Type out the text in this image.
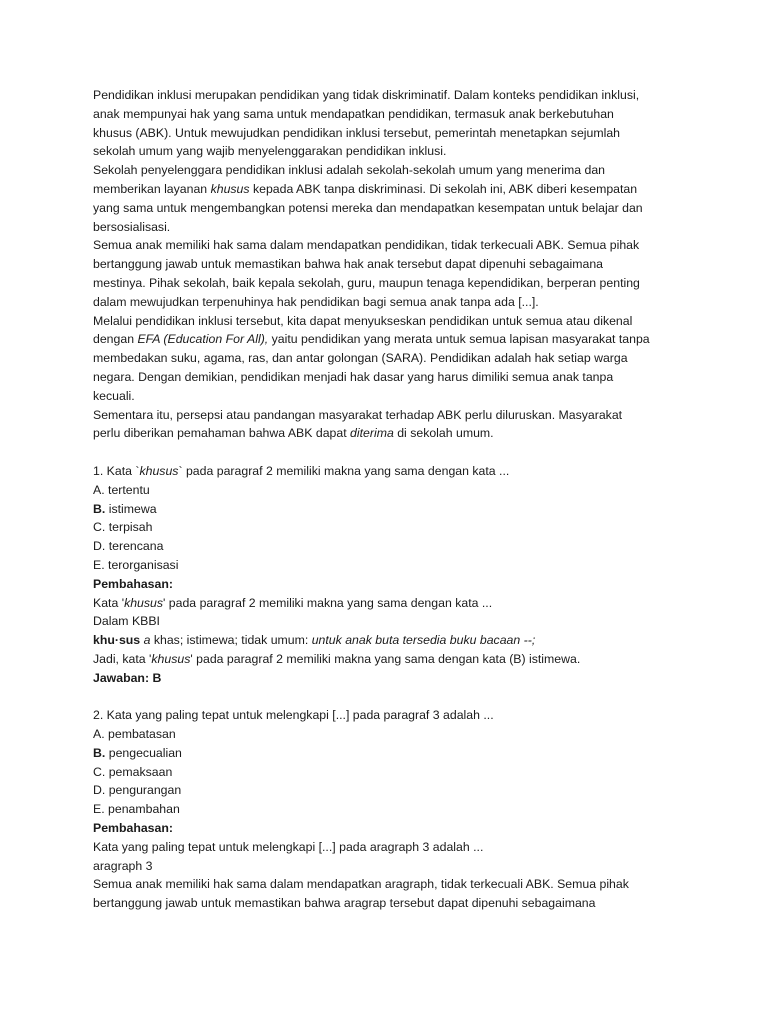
Pendidikan inklusi merupakan pendidikan yang tidak diskriminatif. Dalam konteks pendidikan inklusi,

anak mempunyai hak yang sama untuk mendapatkan pendidikan, termasuk anak berkebutuhan

khusus (ABK). Untuk mewujudkan pendidikan inklusi tersebut, pemerintah menetapkan sejumlah

sekolah umum yang wajib menyelenggarakan pendidikan inklusi.

Sekolah penyelenggara pendidikan inklusi adalah sekolah-sekolah umum yang menerima dan

memberikan layanan khusus kepada ABK tanpa diskriminasi. Di sekolah ini, ABK diberi kesempatan

yang sama untuk mengembangkan potensi mereka dan mendapatkan kesempatan untuk belajar dan

bersosialisasi.

Semua anak memiliki hak sama dalam mendapatkan pendidikan, tidak terkecuali ABK. Semua pihak

bertanggung jawab untuk memastikan bahwa hak anak tersebut dapat dipenuhi sebagaimana

mestinya. Pihak sekolah, baik kepala sekolah, guru, maupun tenaga kependidikan, berperan penting

dalam mewujudkan terpenuhinya hak pendidikan bagi semua anak tanpa ada [...].

Melalui pendidikan inklusi tersebut, kita dapat menyukseskan pendidikan untuk semua atau dikenal

dengan EFA (Education For All), yaitu pendidikan yang merata untuk semua lapisan masyarakat tanpa

membedakan suku, agama, ras, dan antar golongan (SARA). Pendidikan adalah hak setiap warga

negara. Dengan demikian, pendidikan menjadi hak dasar yang harus dimiliki semua anak tanpa

kecuali.

Sementara itu, persepsi atau pandangan masyarakat terhadap ABK perlu diluruskan. Masyarakat

perlu diberikan pemahaman bahwa ABK dapat diterima di sekolah umum.

1. Kata `khusus` pada paragraf 2 memiliki makna yang sama dengan kata ...

A. tertentu

B. istimewa

C. terpisah

D. terencana

E. terorganisasi

Pembahasan:

Kata 'khusus' pada paragraf 2 memiliki makna yang sama dengan kata ...

Dalam KBBI

khu·sus a khas; istimewa; tidak umum: untuk anak buta tersedia buku bacaan --;

Jadi, kata 'khusus' pada paragraf 2 memiliki makna yang sama dengan kata (B) istimewa.

Jawaban: B

2. Kata yang paling tepat untuk melengkapi [...] pada paragraf 3 adalah ...

A. pembatasan

B. pengecualian

C. pemaksaan

D. pengurangan

E. penambahan

Pembahasan:

Kata yang paling tepat untuk melengkapi [...] pada aragraph 3 adalah ...

aragraph 3

Semua anak memiliki hak sama dalam mendapatkan aragraph, tidak terkecuali ABK. Semua pihak

bertanggung jawab untuk memastikan bahwa aragrap tersebut dapat dipenuhi sebagaimana
